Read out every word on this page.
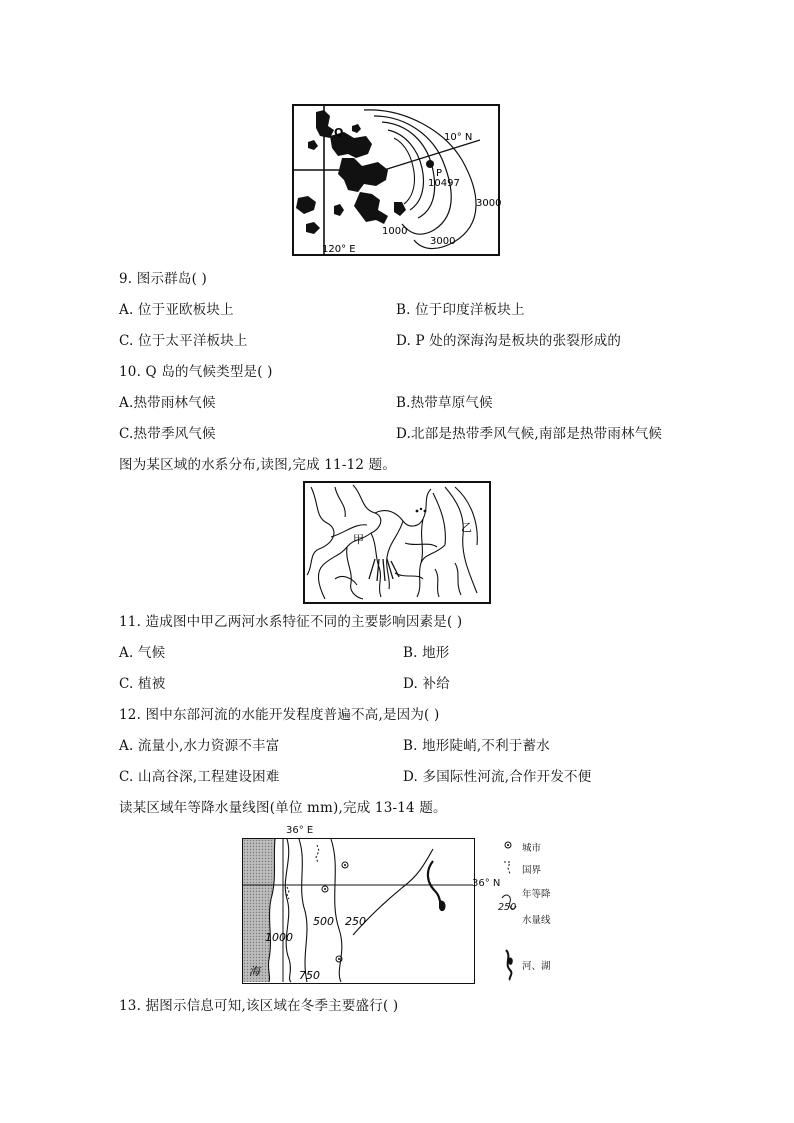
Q	10° N
P
10497
3000
3000
1000
120° E
9. 图示群岛( )
A. 位于亚欧板块上	B. 位于印度洋板块上
C. 位于太平洋板块上	D. P 处的深海沟是板块的张裂形成的
10. Q 岛的气候类型是( )
A.热带雨林气候	B.热带草原气候
C.热带季风气候	D.北部是热带季风气候,南部是热带雨林气候
图为某区域的水系分布,读图,完成 11-12 题。
甲
乙
11. 造成图中甲乙两河水系特征不同的主要影响因素是( )
A. 气候	B. 地形
C. 植被	D. 补给
12. 图中东部河流的水能开发程度普遍不高,是因为( )
A. 流量小,水力资源不丰富	B. 地形陡峭,不利于蓄水
C. 山高谷深,工程建设困难	D. 多国际性河流,合作开发不便
读某区域年等降水量线图(单位 mm),完成 13-14 题。
36° E
1000
750
500 250
海
36° N
城市
国界
年等降
250
水量线
河、湖
13. 据图示信息可知,该区域在冬季主要盛行( )
